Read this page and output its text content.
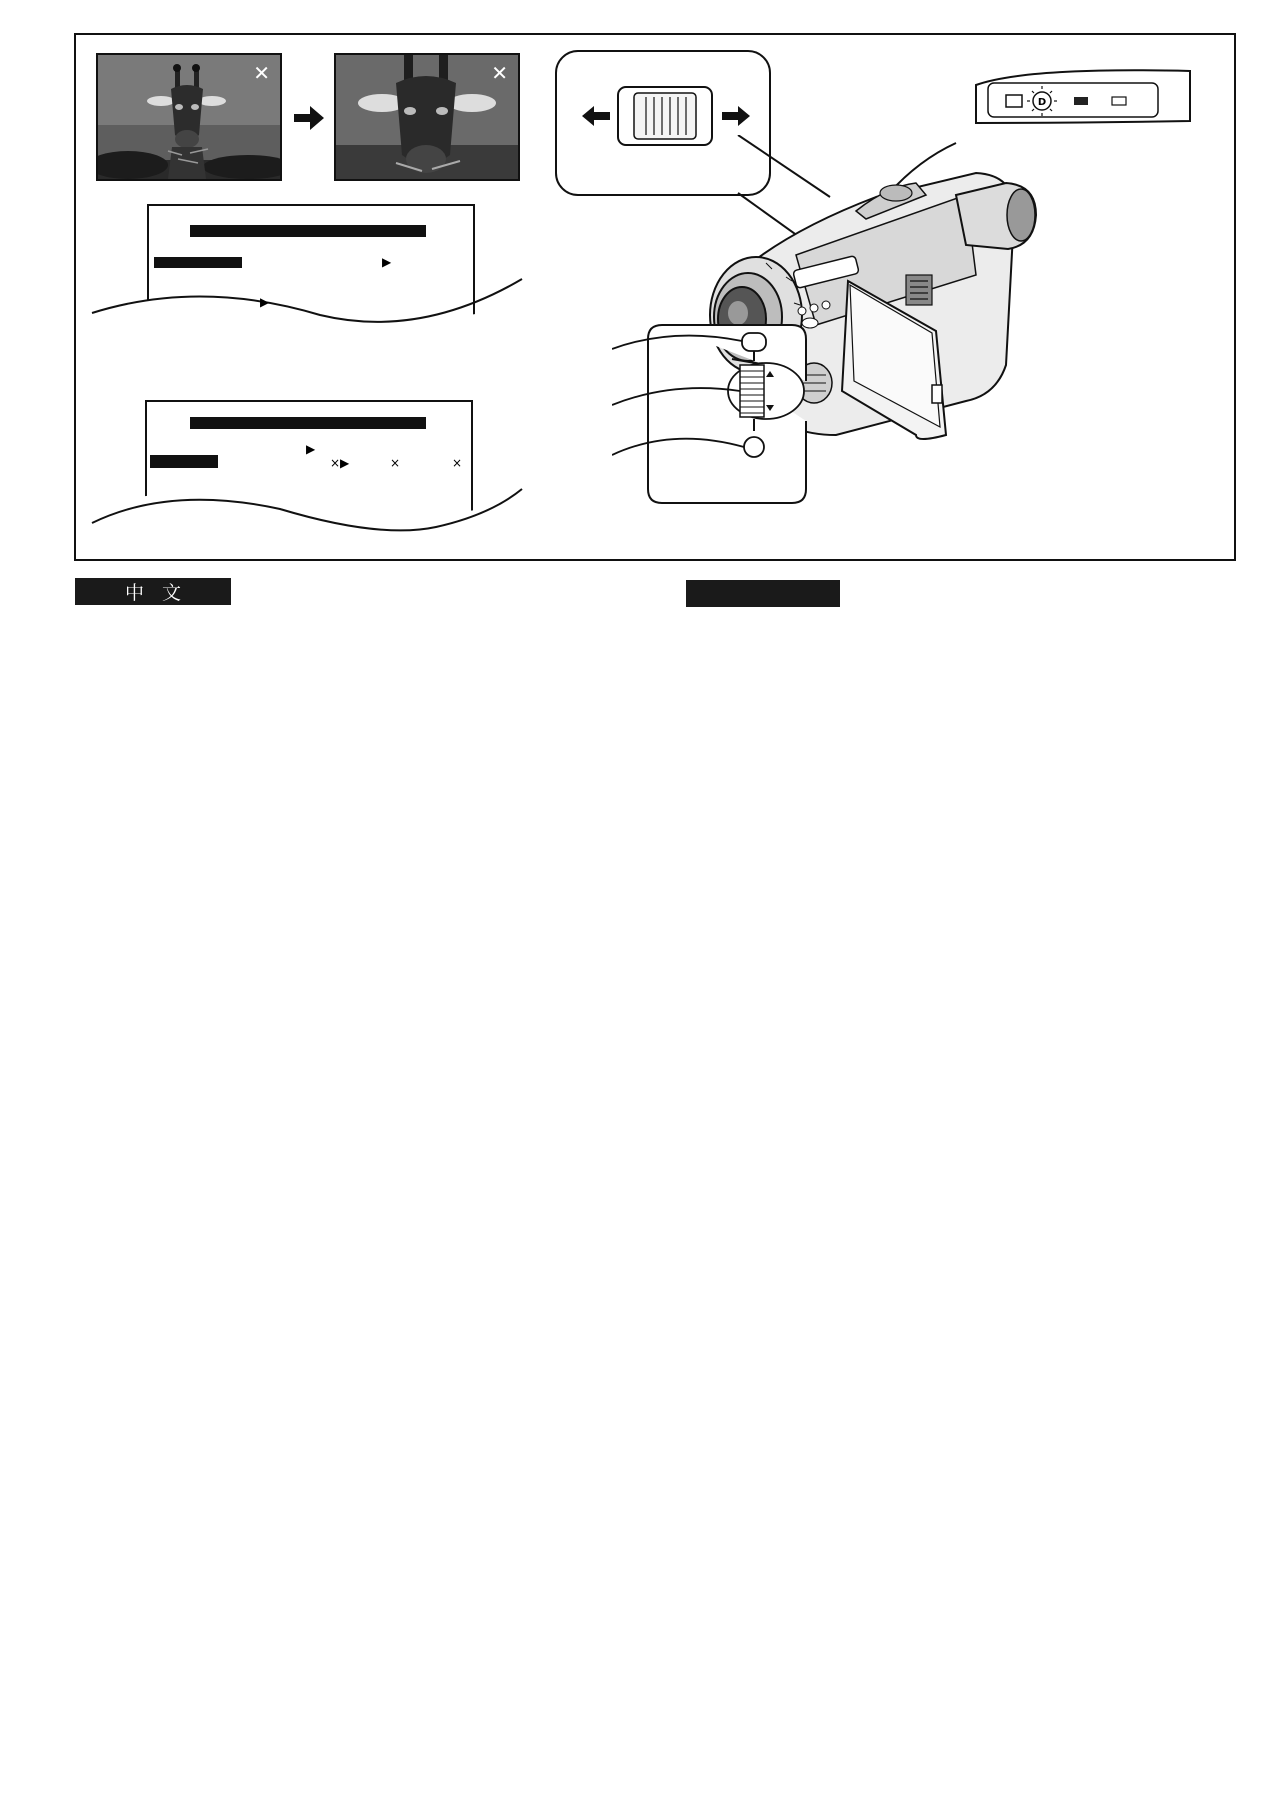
✕	✕
▶
▶
▶
×▶	×	×
D
中文
